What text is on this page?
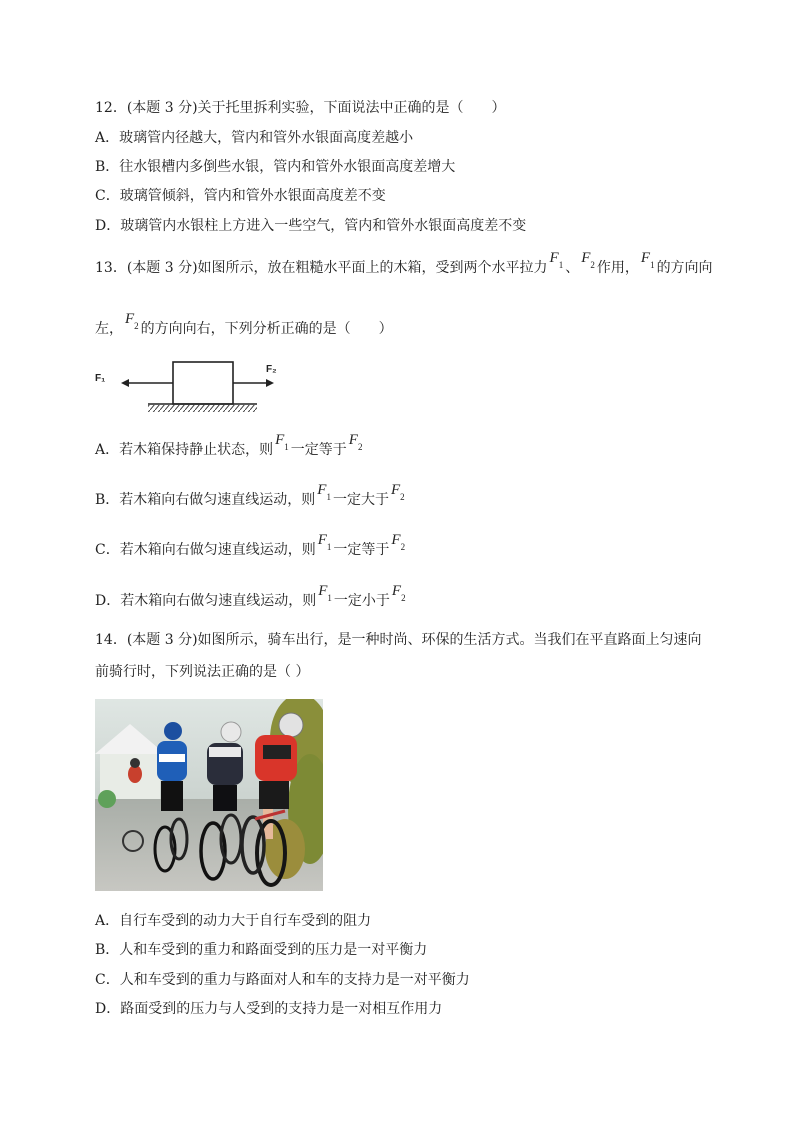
12．(本题 3 分)关于托里拆利实验，下面说法中正确的是（　　）
A．玻璃管内径越大，管内和管外水银面高度差越小
B．往水银槽内多倒些水银，管内和管外水银面高度差增大
C．玻璃管倾斜，管内和管外水银面高度差不变
D．玻璃管内水银柱上方进入一些空气，管内和管外水银面高度差不变
13．(本题 3 分)如图所示，放在粗糙水平面上的木箱，受到两个水平拉力$F_1$ 、$F_2$ 作用，$F_1$ 的方向向
左，$F_2$ 的方向向右，下列分析正确的是（　　）
F₁
F₂
A．若木箱保持静止状态，则$F_1$ 一定等于$F_2$
B．若木箱向右做匀速直线运动，则$F_1$ 一定大于$F_2$
C．若木箱向右做匀速直线运动，则$F_1$ 一定等于$F_2$
D．若木箱向右做匀速直线运动，则$F_1$ 一定小于$F_2$
14．(本题 3 分)如图所示，骑车出行，是一种时尚、环保的生活方式。当我们在平直路面上匀速向
前骑行时，下列说法正确的是（ ）
A．自行车受到的动力大于自行车受到的阻力
B．人和车受到的重力和路面受到的压力是一对平衡力
C．人和车受到的重力与路面对人和车的支持力是一对平衡力
D．路面受到的压力与人受到的支持力是一对相互作用力
